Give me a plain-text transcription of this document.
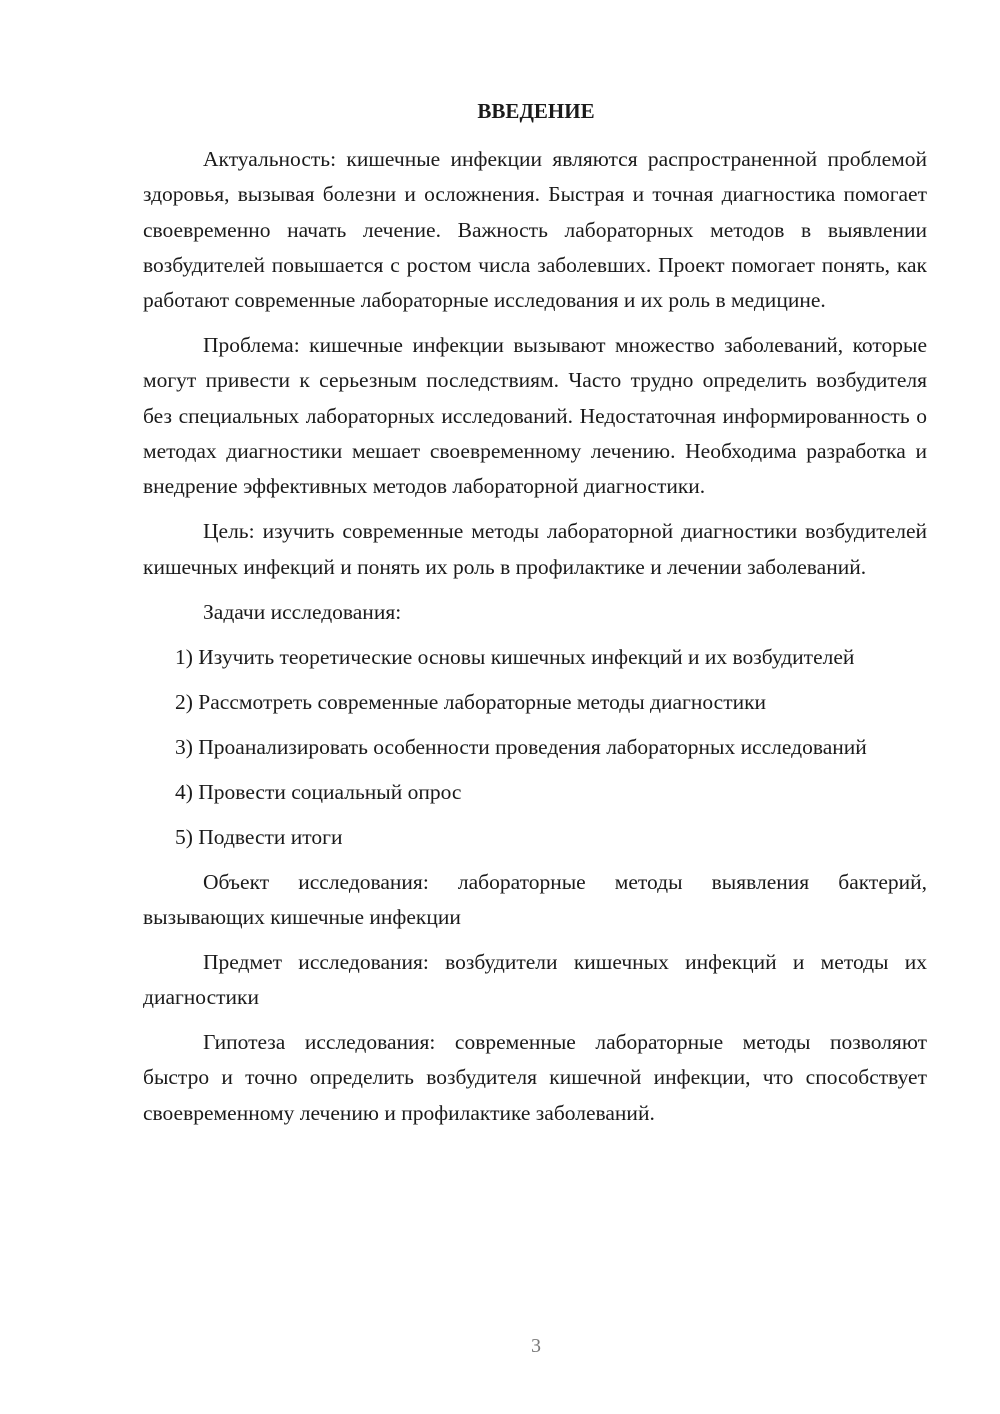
ВВЕДЕНИЕ

Актуальность: кишечные инфекции являются распространенной проблемой здоровья, вызывая болезни и осложнения. Быстрая и точная диагностика помогает своевременно начать лечение. Важность лабораторных методов в выявлении возбудителей повышается с ростом числа заболевших. Проект помогает понять, как работают современные лабораторные исследования и их роль в медицине.

Проблема: кишечные инфекции вызывают множество заболеваний, которые могут привести к серьезным последствиям. Часто трудно определить возбудителя без специальных лабораторных исследований. Недостаточная информированность о методах диагностики мешает своевременному лечению. Необходима разработка и внедрение эффективных методов лабораторной диагностики.

Цель: изучить современные методы лабораторной диагностики возбудителей кишечных инфекций и понять их роль в профилактике и лечении заболеваний.

Задачи исследования:

1) Изучить теоретические основы кишечных инфекций и их возбудителей

2) Рассмотреть современные лабораторные методы диагностики

3) Проанализировать особенности проведения лабораторных исследований

4) Провести социальный опрос

5) Подвести итоги

Объект исследования: лабораторные методы выявления бактерий, вызывающих кишечные инфекции

Предмет исследования: возбудители кишечных инфекций и методы их диагностики

Гипотеза исследования: современные лабораторные методы позволяют быстро и точно определить возбудителя кишечной инфекции, что способствует своевременному лечению и профилактике заболеваний.

3
